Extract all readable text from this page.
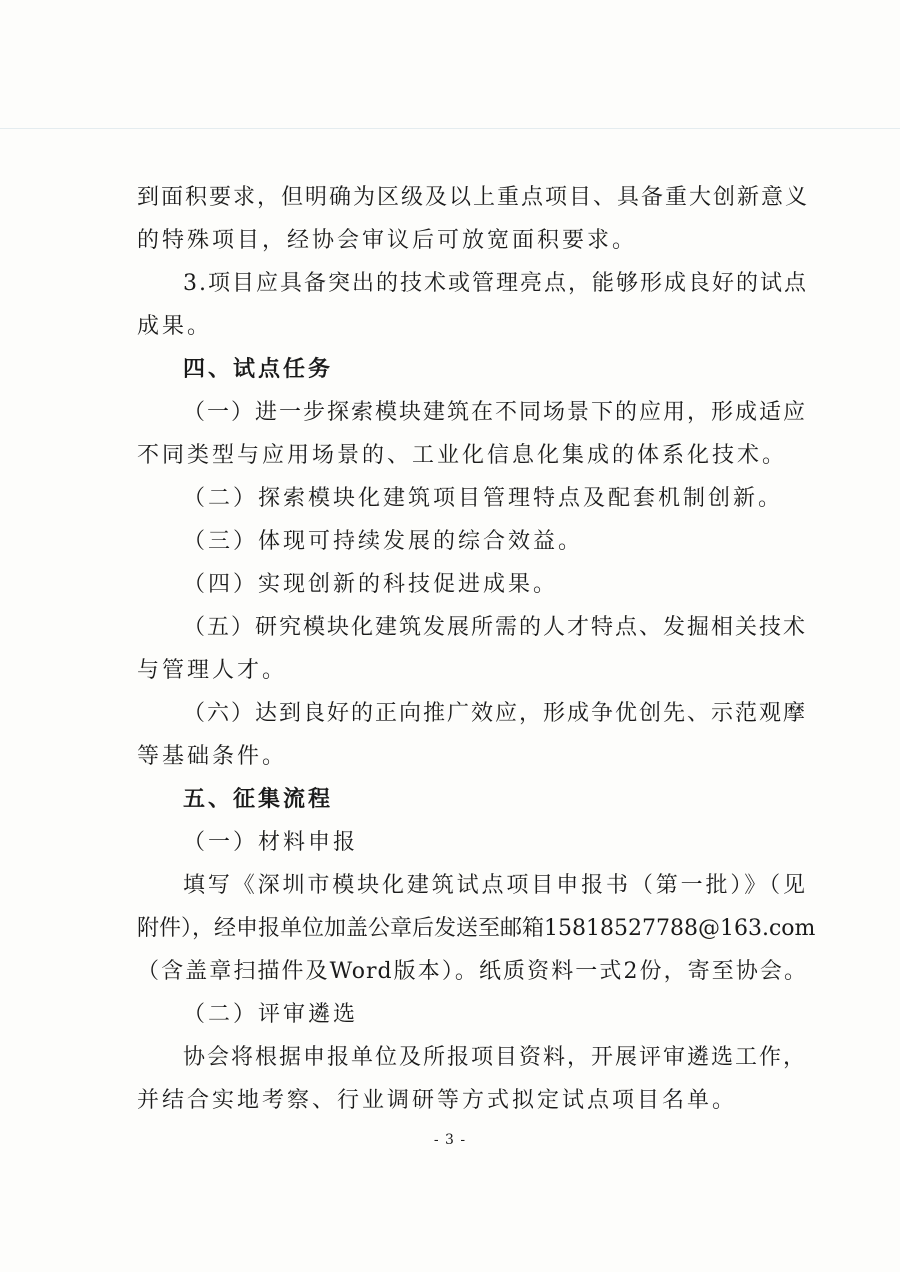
到面积要求，但明确为区级及以上重点项目、具备重大创新意义
的特殊项目，经协会审议后可放宽面积要求。
3.项目应具备突出的技术或管理亮点，能够形成良好的试点
成果。
四、试点任务
（一）进一步探索模块建筑在不同场景下的应用，形成适应
不同类型与应用场景的、工业化信息化集成的体系化技术。
（二）探索模块化建筑项目管理特点及配套机制创新。
（三）体现可持续发展的综合效益。
（四）实现创新的科技促进成果。
（五）研究模块化建筑发展所需的人才特点、发掘相关技术
与管理人才。
（六）达到良好的正向推广效应，形成争优创先、示范观摩
等基础条件。
五、征集流程
（一）材料申报
填写《深圳市模块化建筑试点项目申报书（第一批）》（见
附件），经申报单位加盖公章后发送至邮箱15818527788@163.com
（含盖章扫描件及Word版本）。纸质资料一式2份，寄至协会。
（二）评审遴选
协会将根据申报单位及所报项目资料，开展评审遴选工作，
并结合实地考察、行业调研等方式拟定试点项目名单。
- 3 -
